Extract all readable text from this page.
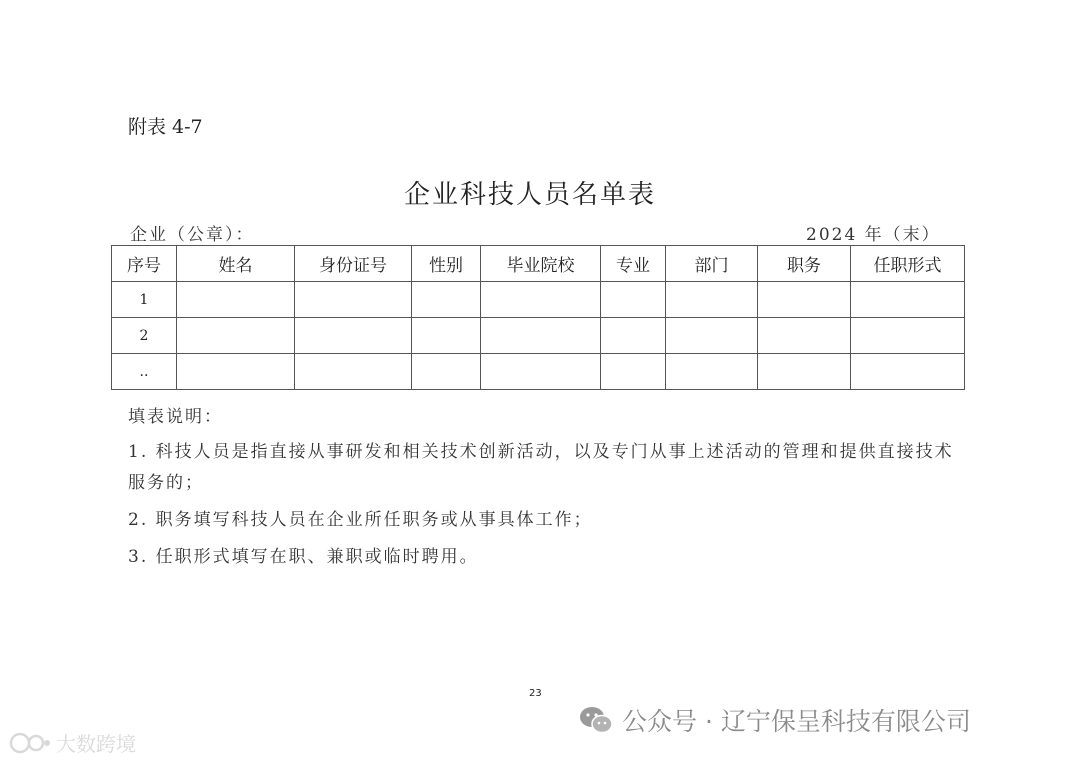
附表 4-7
企业科技人员名单表
企业（公章）：	2024 年（末）
序号	姓名	身份证号	性别	毕业院校	专业	部门	职务	任职形式
1								
2								
..								

填表说明：

1. 科技人员是指直接从事研发和相关技术创新活动，以及专门从事上述活动的管理和提供直接技术服务的；

2. 职务填写科技人员在企业所任职务或从事具体工作；

3. 任职形式填写在职、兼职或临时聘用。

23
公众号 · 辽宁保呈科技有限公司
大数跨境
